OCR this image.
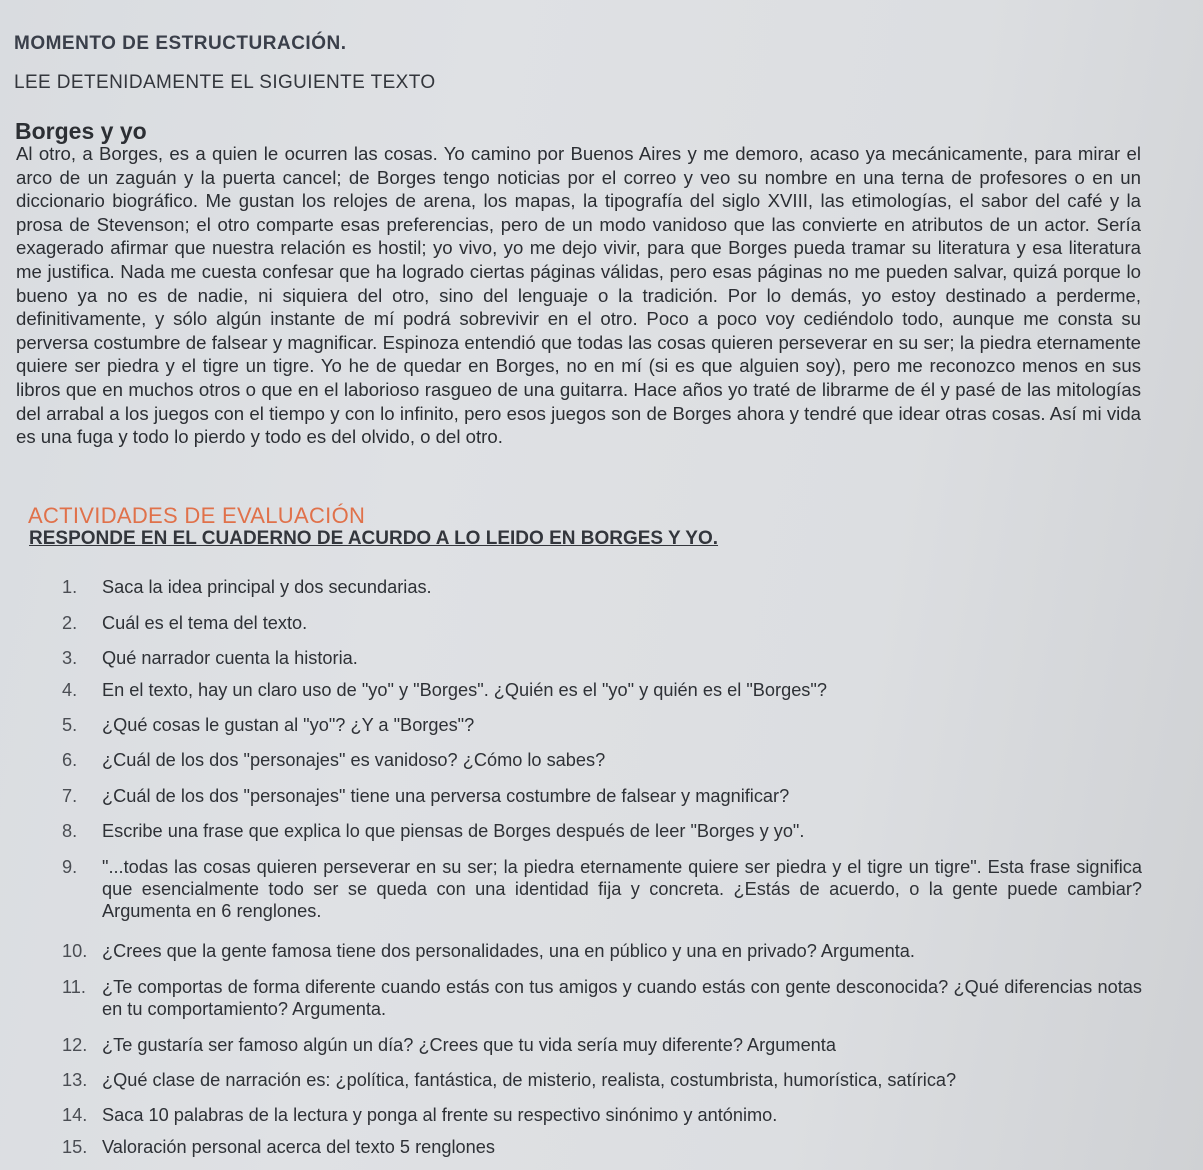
MOMENTO DE ESTRUCTURACIÓN.
LEE DETENIDAMENTE EL SIGUIENTE TEXTO
Borges y yo
Al otro, a Borges, es a quien le ocurren las cosas. Yo camino por Buenos Aires y me demoro, acaso ya mecánicamente, para mirar el arco de un zaguán y la puerta cancel; de Borges tengo noticias por el correo y veo su nombre en una terna de profesores o en un diccionario biográfico. Me gustan los relojes de arena, los mapas, la tipografía del siglo XVIII, las etimologías, el sabor del café y la prosa de Stevenson; el otro comparte esas preferencias, pero de un modo vanidoso que las convierte en atributos de un actor. Sería exagerado afirmar que nuestra relación es hostil; yo vivo, yo me dejo vivir, para que Borges pueda tramar su literatura y esa literatura me justifica. Nada me cuesta confesar que ha logrado ciertas páginas válidas, pero esas páginas no me pueden salvar, quizá porque lo bueno ya no es de nadie, ni siquiera del otro, sino del lenguaje o la tradición. Por lo demás, yo estoy destinado a perderme, definitivamente, y sólo algún instante de mí podrá sobrevivir en el otro. Poco a poco voy cediéndolo todo, aunque me consta su perversa costumbre de falsear y magnificar. Espinoza entendió que todas las cosas quieren perseverar en su ser; la piedra eternamente quiere ser piedra y el tigre un tigre. Yo he de quedar en Borges, no en mí (si es que alguien soy), pero me reconozco menos en sus libros que en muchos otros o que en el laborioso rasgueo de una guitarra. Hace años yo traté de librarme de él y pasé de las mitologías del arrabal a los juegos con el tiempo y con lo infinito, pero esos juegos son de Borges ahora y tendré que idear otras cosas. Así mi vida es una fuga y todo lo pierdo y todo es del olvido, o del otro.
ACTIVIDADES DE EVALUACIÓN
RESPONDE EN EL CUADERNO DE ACURDO A LO LEIDO EN BORGES Y YO.
1.	Saca la idea principal y dos secundarias.
2.	Cuál es el tema del texto.
3.	Qué narrador cuenta la historia.
4.	En el texto, hay un claro uso de "yo" y "Borges". ¿Quién es el "yo" y quién es el "Borges"?
5.	¿Qué cosas le gustan al "yo"? ¿Y a "Borges"?
6.	¿Cuál de los dos "personajes" es vanidoso? ¿Cómo lo sabes?
7.	¿Cuál de los dos "personajes" tiene una perversa costumbre de falsear y magnificar?
8.	Escribe una frase que explica lo que piensas de Borges después de leer "Borges y yo".
9.	"...todas las cosas quieren perseverar en su ser; la piedra eternamente quiere ser piedra y el tigre un tigre". Esta frase significa que esencialmente todo ser se queda con una identidad fija y concreta. ¿Estás de acuerdo, o la gente puede cambiar? Argumenta en 6 renglones.
10. ¿Crees que la gente famosa tiene dos personalidades, una en público y una en privado? Argumenta.
11. ¿Te comportas de forma diferente cuando estás con tus amigos y cuando estás con gente desconocida? ¿Qué diferencias notas en tu comportamiento? Argumenta.
12. ¿Te gustaría ser famoso algún un día? ¿Crees que tu vida sería muy diferente? Argumenta
13. ¿Qué clase de narración es: ¿política, fantástica, de misterio, realista, costumbrista, humorística, satírica?
14. Saca 10 palabras de la lectura y ponga al frente su respectivo sinónimo y antónimo.
15. Valoración personal acerca del texto 5 renglones
